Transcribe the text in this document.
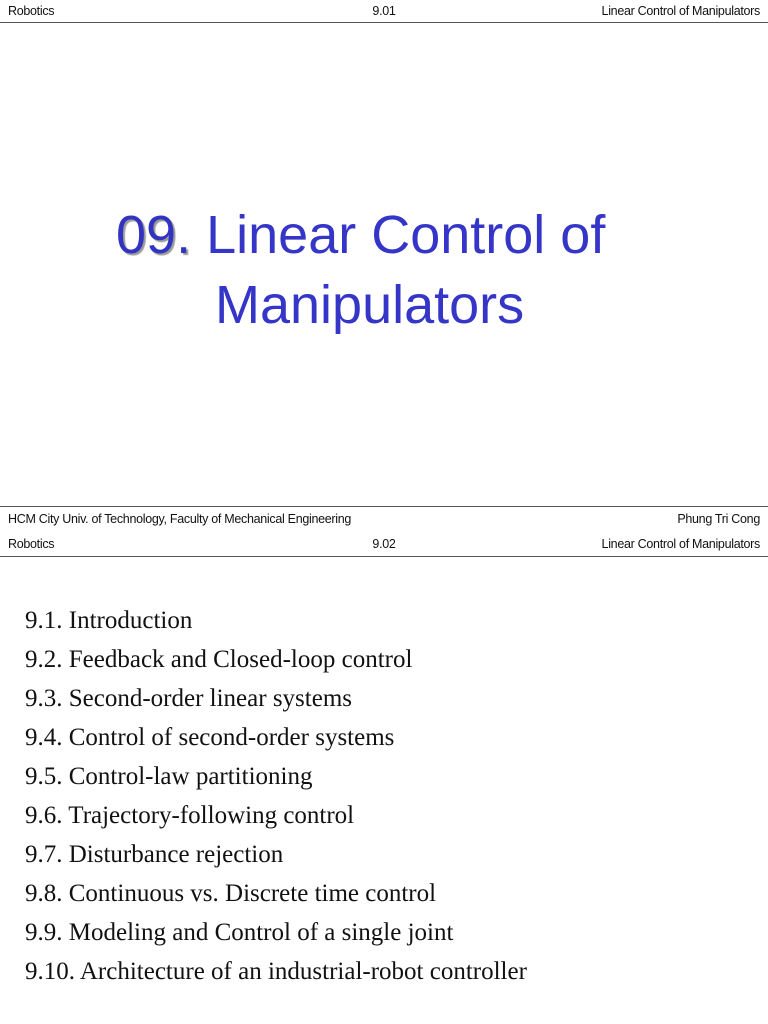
Robotics	9.01	Linear Control of Manipulators
09. Linear Control of
Manipulators
HCM City Univ. of Technology, Faculty of Mechanical Engineering	Phung Tri Cong
Robotics	9.02	Linear Control of Manipulators
9.1. Introduction
9.2. Feedback and Closed-loop control
9.3. Second-order linear systems
9.4. Control of second-order systems
9.5. Control-law partitioning
9.6. Trajectory-following control
9.7. Disturbance rejection
9.8. Continuous vs. Discrete time control
9.9. Modeling and Control of a single joint
9.10. Architecture of an industrial-robot controller
